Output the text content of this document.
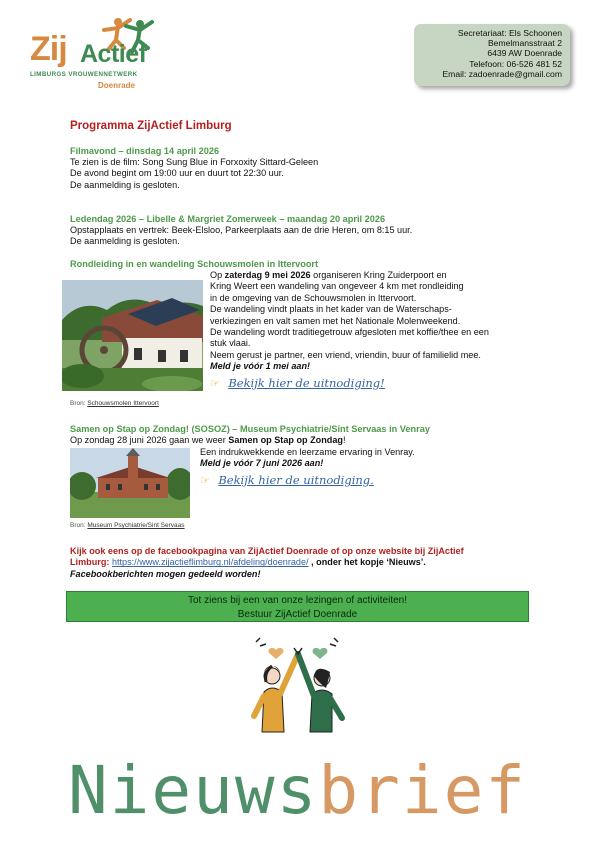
Zij Actief
LIMBURGS VROUWENNETWERK
Doenrade
Secretariaat: Els Schoonen
Bemelmansstraat 2
6439 AW Doenrade
Telefoon: 06-526 481 52
Email: zadoenrade@gmail.com
Programma ZijActief Limburg
Filmavond – dinsdag 14 april 2026
Te zien is de film: Song Sung Blue in Forxoxity Sittard-Geleen
De avond begint om 19:00 uur en duurt tot 22:30 uur.
De aanmelding is gesloten.
Ledendag 2026 – Libelle & Margriet Zomerweek – maandag 20 april 2026
Opstapplaats en vertrek: Beek-Elsloo, Parkeerplaats aan de drie Heren, om 8:15 uur.
De aanmelding is gesloten.
Rondleiding in en wandeling Schouwsmolen in Ittervoort
Op zaterdag 9 mei 2026 organiseren Kring Zuiderpoort en
Kring Weert een wandeling van ongeveer 4 km met rondleiding
in de omgeving van de Schouwsmolen in Ittervoort.
De wandeling vindt plaats in het kader van de Waterschaps-
verkiezingen en valt samen met het Nationale Molenweekend.
De wandeling wordt traditiegetrouw afgesloten met koffie/thee en een
stuk vlaai.
Neem gerust je partner, een vriend, vriendin, buur of familielid mee.
Meld je vóór 1 mei aan!
☞ Bekijk hier de uitnodiging!
Bron: Schouwsmolen Ittervoort
Samen op Stap op Zondag! (SOSOZ) – Museum Psychiatrie/Sint Servaas in Venray
Op zondag 28 juni 2026 gaan we weer Samen op Stap op Zondag!
Een indrukwekkende en leerzame ervaring in Venray.
Meld je vóór 7 juni 2026 aan!
☞ Bekijk hier de uitnodiging.
Bron: Museum Psychiatrie/Sint Servaas
Kijk ook eens op de facebookpagina van ZijActief Doenrade of op onze website bij ZijActief
Limburg: https://www.zijactieflimburg.nl/afdeling/doenrade/ , onder het kopje ‘Nieuws’.
Facebookberichten mogen gedeeld worden!
Tot ziens bij een van onze lezingen of activiteiten!
Bestuur ZijActief Doenrade
Nieuwsbrief
